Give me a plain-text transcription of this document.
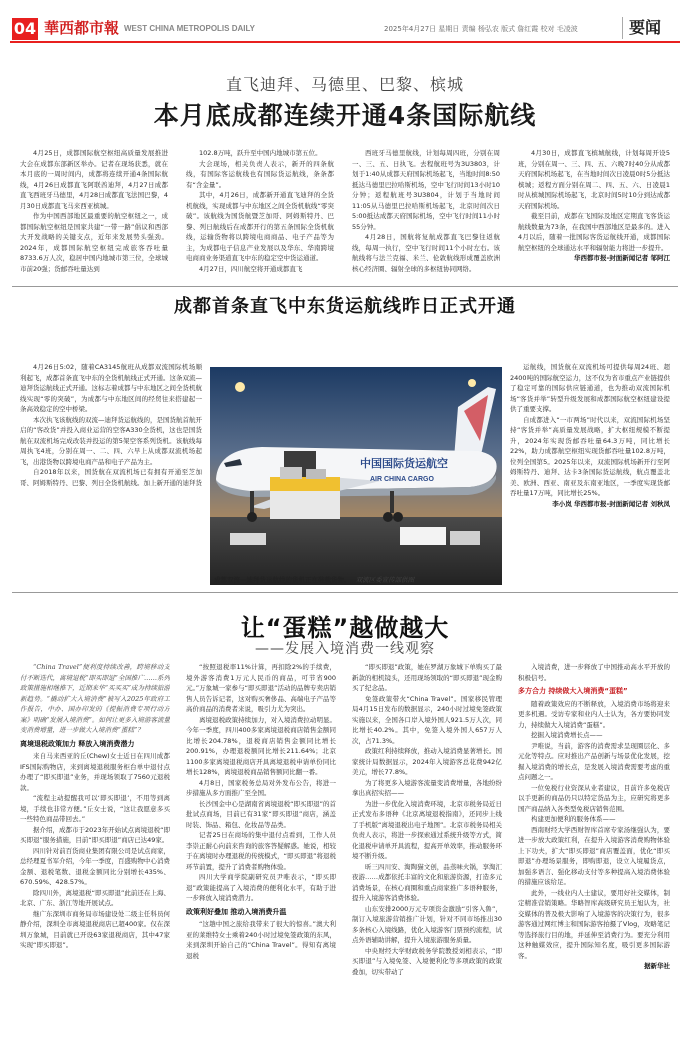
04 華西都市報 WEST CHINA METROPOLIS DAILY	2025年4月27日 星期日 责编 杨弘农 版式 詹红霞 校对 毛凌波	要闻
直飞迪拜、马德里、巴黎、槟城
本月底成都连续开通4条国际航线

4月25日，成都国际航空枢纽高质量发展推进大会在成都东部新区举办。记者在现场获悉，就在本月底的一周时间内，成都将连续开通4条国际航线，4月26日成都直飞阿联酋迪拜，4月27日成都直飞西班牙马德里，4月28日成都直飞法国巴黎，4月30日成都直飞马来西亚槟城。

作为中国西部地区最重要的航空枢纽之一，成都国际航空枢纽是国家共建“一带一路”倡议和西部大开发战略的关键支点，近年来发展势头强劲。2024年，成都国际航空枢纽完成旅客吞吐量8733.6万人次，稳居中国内地城市第三位，全球城市前20强；货邮吞吐量达到

102.8万吨，跃升至中国内地城市第五位。

大会现场，相关负责人表示，新开的四条航线，有国际客运航线也有国际货运航线，条条都有“含金量”。

其中，4月26日，成都新开通直飞迪拜的全货机航线，实现成都与中东地区之间全货机航线“零突破”。该航线为国货航暨芝加哥、阿姆斯特丹、巴黎、列日航线后在成都开行的第五条国际全货机航线，运输货物将以跨境电商商品、电子产品等为主，为成都电子信息产业发展以及华东、华南跨境电商商业务渠道直飞中东的稳定空中货运通道。

4月27日，四川航空将开通成都直飞

西班牙马德里航线，计划每周四班，分别在周一、三、五、日执飞。去程航班号为3U3803，计划于1:40从成都天府国际机场起飞，当地时间8:50抵达马德里巴拉哈斯机场，空中飞行时间13小时10分钟；返程航班号3U3804，计划于当地时间11:05从马德里巴拉哈斯机场起飞，北京时间次日5:00抵达成都天府国际机场，空中飞行时间11小时55分钟。

4月28日，国航将复航成都直飞巴黎往返航线，每周一执行，空中飞行时间11个小时左右。该航线将与法兰克福、米兰、伦敦航线形成覆盖欧洲核心经济圈、辐射全球的多枢纽协同网络。

4月30日，成都直飞槟城航线，计划每周开设5班，分别在周一、三、四、五、六晚7时40分从成都天府国际机场起飞，在当地时间次日凌晨0时5分抵达槟城；返程方面分别在周二、四、五、六、日凌晨1时从槟城国际机场起飞，北京时间5时10分到达成都天府国际机场。

截至目前，成都在飞国际及地区定期直飞客货运航线数量为73条，在我国中西部地区是最多的。进入4月以后，随着一批国际客货运航线开通，成都国际航空枢纽的全球通达水平和辐射能力将进一步提升。

华西都市报-封面新闻记者 邹阿江

成都首条直飞中东货运航线昨日正式开通

4月26日5:02，随着CA3145航班从成都双流国际机场顺利起飞，成都首条直飞中东的全货机航线正式开通。这条双流—迪拜货运航线正式开通。这标志着成都与中东地区之间全货机航线实现“零的突破”，为成都与中东地区间的经贸往来搭建起一条高效稳定的空中桥梁。

本次执飞该航线的双流—迪拜货运航线的，是国货航首航开启的“客改货”并投入商业运营的空客A330全货机，这也是国货航在双流机场完成改装并投运的第5架空客系列货机。该航线每周执飞4班，分别在周一、二、四、六早上从成都双流机场起飞，出港货物以跨境电商产品和电子产品为主。

自2018年以来，国货航在双流机场已有拥有开通至芝加哥、阿姆斯特丹、巴黎、列日全货机航线。加上新开通的迪拜货

中国国际货运航空
AIR CHINA CARGO
成都双流—迪拜货运航线的货机正在装载货物。 双流区委宣传部供图

运航线，国货航在双流机场可提供每周24班、超2400吨的国际航空运力，这不仅为省市重点产业链提供了稳定可靠的国际供应链通道，也为推动双流国际机场“客货并举”转型升级发展和成都国际航空枢纽建设提供了重要支撑。

自成都进入“一市两场”时代以来，双流国际机场坚持“客货并举”高质量发展战略，扩大枢纽规模不断提升，2024年实现货邮吞吐量64.3万吨，同比增长22%，助力成都航空枢纽实现货邮吞吐量102.8万吨，位列全国第5。2025年以来，双流国际机场新开行至阿姆斯特丹、迪拜、达卡3条国际货运航线，航点覆盖北美、欧洲、西亚、南亚及东南亚地区，一季度实现货邮吞吐量17万吨，同比增长25%。

李小岚 华西都市报-封面新闻记者 刘秋凤

让“蛋糕”越做越大
——发展入境消费一线观察

“China Travel”便利度持续改善，跨境移动支付不断迭代，离境退税“即买即退”全国推广……系列政策措施相继推下，近期来华“买买买”成为持续旅游新趋势。“撬动扩大入境消费”被写入2025年政府工作报告，中办、国办印发的《提振消费专项行动方案》明确“发展入境消费”。如何让更多入境游客流量变消费增量，进一步做大入境消费“蛋糕”？

离境退税政策加力 释放入境消费潜力

来自马来西亚的丘(Chew)女士近日在四川成都IFS国际购物店，来到离境退税服务柜台单中退付点办理了“即买即退”业务，并现场领取了7560元退税款。

“流程主动提醒我可以‘即买即退’，不用等到离境，手续也非常方便。”丘女士说，“这让我愿意多买一些特色商品带回去。”

据介绍，成都市于2023年开始试点离境退税“即买即退”服务措施，目前“即买即退”商店已达49家。

四川针对前百货商业集团有限公司是试点商家，总经理夏书军介绍，今年一季度，百盛购物中心消费金额、退税笔数、退税金额同比分别增长435%、670.59%、428.57%。

除四川外，离境退税“即买即退”此前还在上海、北京、广东、浙江等地开展试点。

继广东深圳市商务局市场建设处二级主任科员何静介绍，深圳全市离境退税商店已超400家。仅在深圳万象城，目前就已开设63家退税商店，其中47家实现“即买即退”。

“按照退税率11%计算，再扣除2%的手续费，境外游客消费1万元人民币的商品，可节省900元。”万象城一家参与“即买即退”活动的品牌专卖店销售人员告诉记者，这对购买奢侈品、高端电子产品等高价商品的消费者来说，吸引力尤为突出。

离境退税政策持续加力，对入境消费拉动明显。今年一季度，四川400多家离境退税商店销售金额同比增长204.78%，退税商店销售金额同比增长200.91%，办理退税额同比增长211.64%；北京1100多家离境退税商店开具离境退税申请单份同比增长128%，离境退税商品销售额同比翻一番。

4月8日，国家税务总局对外发布公告，将进一步措施从多方面推广至全国。

长沙国金中心是湖南省离境退税“即买即退”的首批试点商场，目前已有31家“即买即退”商店，涵盖时装、饰品、箱包、化妆品等品类。

记者25日在商场的集中退付点看到，工作人员李崇正耐心向前来咨询的旅客答疑解惑。她说，相较于在离境时办理退税的传统模式，“即买即退”将退税环节前置，提升了消费者购物体验。

四川大学商学院副研究员尹唯表示，“即买即退”政策能提高了入境消费的便利化水平，有助于进一步释放入境消费潜力。

政策利好叠加 推动入境消费升温

“这趟中国之旅给我带来了很大的惊喜。”澳大利亚的莱维特女士乘着240小时过境免签政策的东风，来到深圳开始自己的“China Travel”。得知有离境退税

“即买即退”政策，她在罗湖万象城下单购买了最新款的相机镜头，还用现场领取的“即买即退”现金购买了纪念品。

免签政策带火“China Travel”。国家移民管理局4月15日发布的数据显示，240小时过境免签政策实施以来，全国各口岸入境外国人921.5万人次，同比增长40.2%。其中，免签入境外国人657万人次，占71.3%。

政策红利持续释放，推动入境消费显著增长。国家统计局数据显示，2024年入境游客总花费942亿美元，增长77.8%。

为了将更多入境游客流量变消费增量，各地纷纷拿出真招实招——

为进一步优化入境消费环境，北京市税务局近日正式发布多语种《北京离境退税指南》，还同步上线了手机版“离境退税出电子地图”。北京市税务局相关负责人表示，将进一步探索通过系统升级等方式，简化退税申请单开具流程，提高开单效率，推动服务环境不断升级。

昕三四川安、淘陶猫文创，品蒸味火锅，享淘汇夜游……成都依托丰富的文化和旅游资源，打造多元消费场景，在核心商圈和重点商家推广多语种服务，提升入境游客消费体验。

山东安排2000万元专项资金激励“引客入鲁”，制订入境旅游营销推广计划，针对不同市场推出30多条核心入境线路，优化入境游客门票预约流程，试点外语辅助讲解，提升入境旅游服务质量。

中央财经大学财政税务学院教授刘相表示，“即买即退”与入境免签、入境便利化等多项政策的政策叠加，切实带动了

入境消费，进一步释放了中国推动高水平开放的积极信号。

多方合力 持续做大入境消费“蛋糕”

随着政策效应的不断释放，入境消费市场将迎来更多机遇。受访专家和业内人士认为，各方要协同发力，持续做大入境消费“蛋糕”。

挖掘入境消费增长点——

尹唯说，当前，游客的消费需求呈现圈层化、多元化等特点。应对推出产品创新与场景优化发展，挖掘入境消费的增长点，是发展入境消费需要考虑的重点问题之一。

一位免税行业资深从业者建议，目前许多免税店以手更新的商品仍只以特定货品为主，应研究将更多国产商品纳入各类型免税店销售范围。

构建更加便利的服务体系——

西南财经大学西财智库首席专家汤继强认为，要进一步放大政策红利，在提升入境游客消费购物体验上下功夫，扩大“即买即退”商店覆盖面，优化“即买即退”办理场景服务，即购即退，设立入境履货点，加强多语言、强化移动支付等多种提高入境消费体验的措施应该给足。

此外，一线业内人士建议，要用好社交媒体，制定精准营销策略。华略智库高级研究员王旭认为，社交媒体的普及极大影响了入境游客的决策行为，很多游客通过网红博主和国际游客拍摄了Vlog，攻略笔记等选择旅行目的地，并延伸至消费行为。要充分利用这种触媒效应，提升国际知名度，吸引更多国际游客。

据新华社
